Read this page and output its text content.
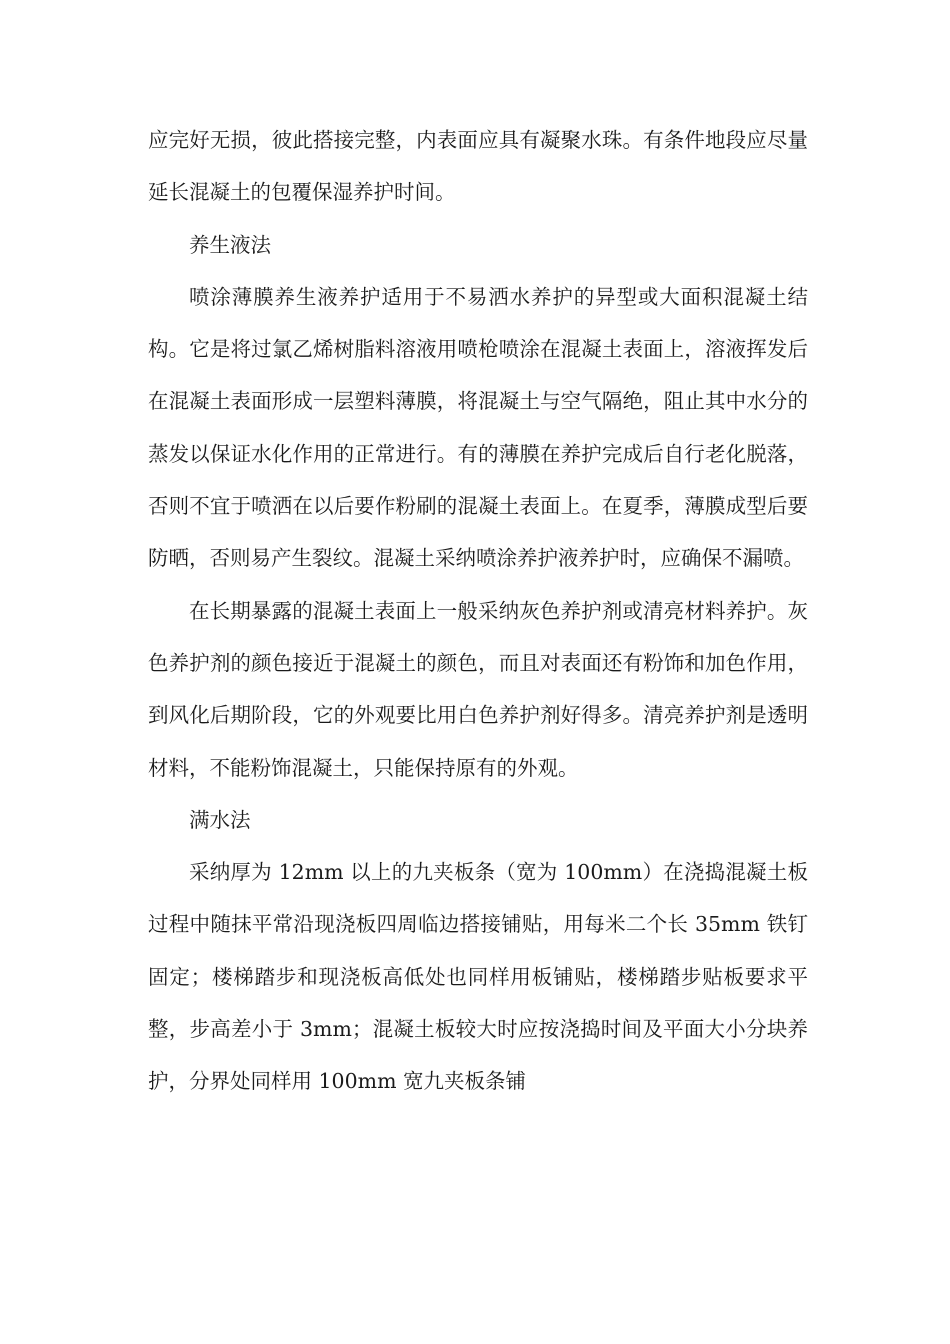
应完好无损，彼此搭接完整，内表面应具有凝聚水珠。有条件地段应尽量延长混凝土的包覆保湿养护时间。

养生液法

喷涂薄膜养生液养护适用于不易洒水养护的异型或大面积混凝土结构。它是将过氯乙烯树脂料溶液用喷枪喷涂在混凝土表面上，溶液挥发后在混凝土表面形成一层塑料薄膜，将混凝土与空气隔绝，阻止其中水分的蒸发以保证水化作用的正常进行。有的薄膜在养护完成后自行老化脱落，否则不宜于喷洒在以后要作粉刷的混凝土表面上。在夏季，薄膜成型后要防晒，否则易产生裂纹。混凝土采纳喷涂养护液养护时，应确保不漏喷。

在长期暴露的混凝土表面上一般采纳灰色养护剂或清亮材料养护。灰色养护剂的颜色接近于混凝土的颜色，而且对表面还有粉饰和加色作用，到风化后期阶段，它的外观要比用白色养护剂好得多。清亮养护剂是透明材料，不能粉饰混凝土，只能保持原有的外观。

满水法

采纳厚为 12mm 以上的九夹板条（宽为 100mm）在浇捣混凝土板过程中随抹平常沿现浇板四周临边搭接铺贴，用每米二个长 35mm 铁钉固定；楼梯踏步和现浇板高低处也同样用板铺贴，楼梯踏步贴板要求平整，步高差小于 3mm；混凝土板较大时应按浇捣时间及平面大小分块养护，分界处同样用 100mm 宽九夹板条铺
